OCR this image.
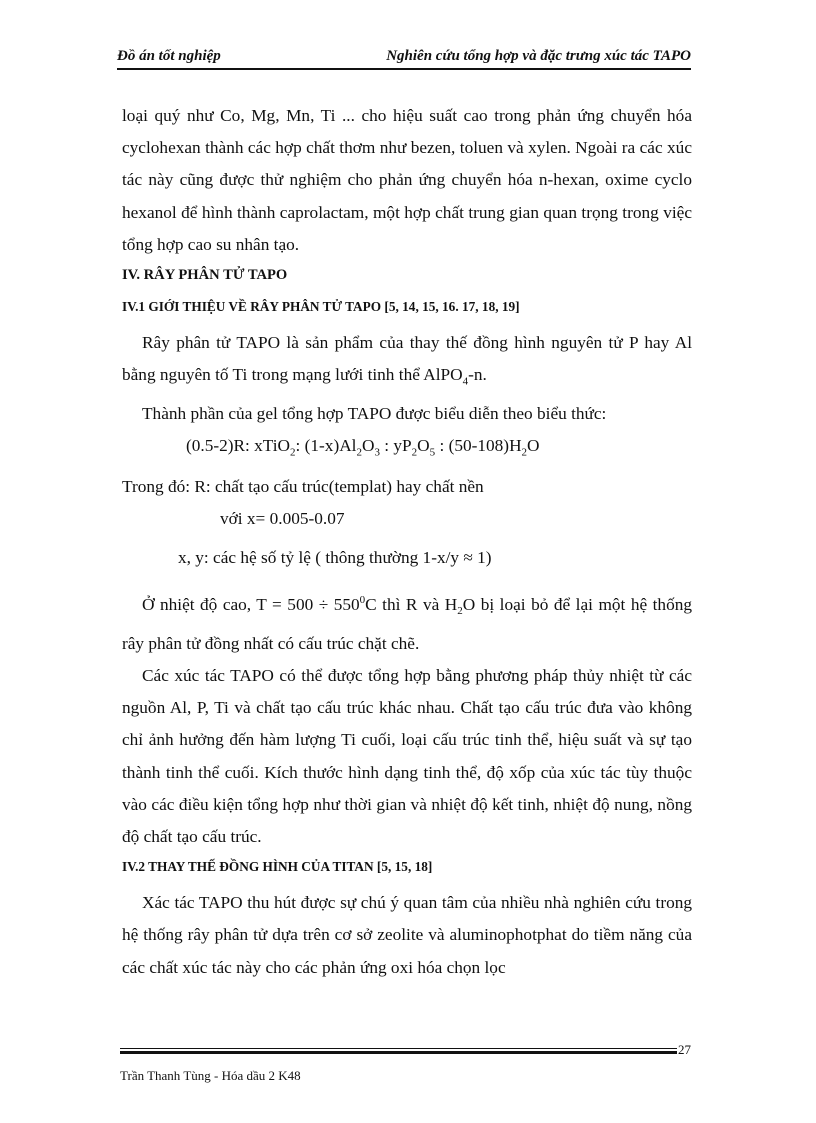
Đồ án tốt nghiệp	Nghiên cứu tổng hợp và đặc trưng xúc tác TAPO

loại quý như Co, Mg, Mn, Ti ... cho hiệu suất cao trong phản ứng chuyển hóa cyclohexan thành các hợp chất thơm như bezen, toluen và xylen. Ngoài ra các xúc tác này cũng được thử nghiệm cho phản ứng chuyển hóa n-hexan, oxime cyclo hexanol để hình thành caprolactam, một hợp chất trung gian quan trọng trong việc tổng hợp cao su nhân tạo.

IV. RÂY PHÂN TỬ TAPO
IV.1 GIỚI THIỆU VỀ RÂY PHÂN TỬ TAPO [5, 14, 15, 16. 17, 18, 19]

Rây phân tử TAPO là sản phẩm của thay thế đồng hình nguyên tử P hay Al bằng nguyên tố Ti trong mạng lưới tinh thể AlPO$_4$-n.

Thành phần của gel tổng hợp TAPO được biểu diễn theo biểu thức:

(0.5-2)R: xTiO$_2$: $(1-x)Al_2O_3$ : $yP_2O_5$ : $(50-108)H_2O$

Trong đó: R: chất tạo cấu trúc(templat) hay chất nền

với x= 0.005-0.07

x, y: các hệ số tỷ lệ ( thông thường 1-x/y ≈ 1)

Ở nhiệt độ cao, $T = 500 \div 550^0C$ thì R và $H_2O$ bị loại bỏ để lại một hệ thống rây phân tử đồng nhất có cấu trúc chặt chẽ.

Các xúc tác TAPO có thể được tổng hợp bằng phương pháp thủy nhiệt từ các nguồn Al, P, Ti và chất tạo cấu trúc khác nhau. Chất tạo cấu trúc đưa vào không chỉ ảnh hưởng đến hàm lượng Ti cuối, loại cấu trúc tinh thể, hiệu suất và sự tạo thành tinh thể cuối. Kích thước hình dạng tinh thể, độ xốp của xúc tác tùy thuộc vào các điều kiện tổng hợp như thời gian và nhiệt độ kết tinh, nhiệt độ nung, nồng độ chất tạo cấu trúc.

IV.2 THAY THẾ ĐỒNG HÌNH CỦA TITAN [5, 15, 18]

Xác tác TAPO thu hút được sự chú ý quan tâm của nhiều nhà nghiên cứu trong hệ thống rây phân tử dựa trên cơ sở zeolite và aluminophotphat do tiềm năng của các chất xúc tác này cho các phản ứng oxi hóa chọn lọc

27
Trần Thanh Tùng - Hóa dầu 2 K48
